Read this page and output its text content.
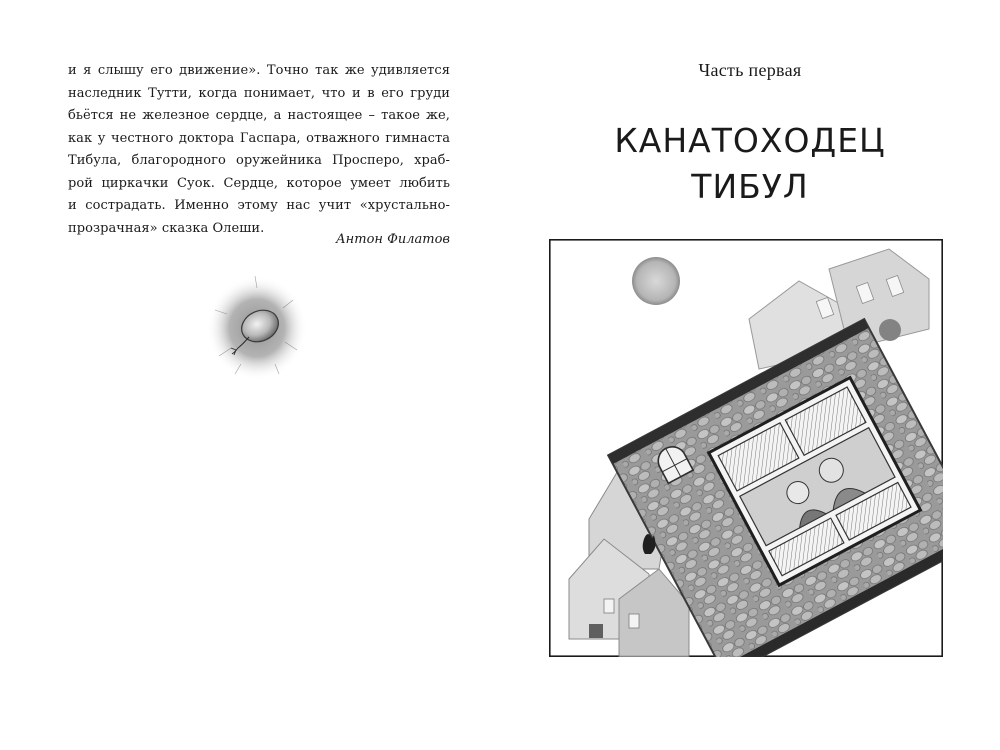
и я слышу его движение». Точно так же удивляется
наследник Тутти, когда понимает, что и в его груди
бьётся не железное сердце, а настоящее – такое же,
как у честного доктора Гаспара, отважного гимнаста
Тибула, благородного оружейника Просперо, храб-
рой циркачки Суок. Сердце, которое умеет любить
и сострадать. Именно этому нас учит «хрустально-
прозрачная» сказка Олеши.

Антон Филатов
Часть первая
КАНАТОХОДЕЦ
ТИБУЛ
